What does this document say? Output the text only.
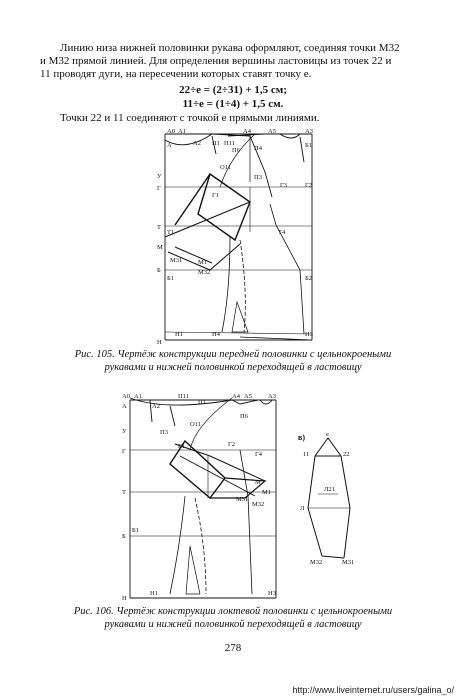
Линию низа нижней половинки рукава оформляют, соединяя точки М32
и М32 прямой линией. Для определения вершины ластовицы из точек 22 и
11 проводят дуги, на пересечении которых ставят точку е.
22÷е = (2÷31) + 1,5 см;
11÷е = (1÷4) + 1,5 см.
Точки 22 и 11 соединяют с точкой е прямыми линиями.
А0 А1
А	А2
А4	А5	А3
П11
П1
П6 П4
П3
Б1
У
Г
Г1
Г3	Г2
О11
Т
Т1	Т4
М
М31 М1
М32
Б
Б1	Б2
Н
Н1	Н4	Н3
Рис. 105. Чертёж конструкции передней половинки с цельнокроеными
рукавами и нижней половинкой переходящей в ластовицу
А0 А1
А	А2
А4 А5 А3
П11
П1
П3
П6
У
Г
Г1	Г2
Г4
О11
Т
М
М1
М31
М32
Б
Б1
Н
Н1	Н3
в)
11	22
е
Л
Л21
М32	М31
Рис. 106. Чертёж конструкции локтевой половинки с цельнокроеными
рукавами и нижней половинкой переходящей в ластовицу
278
http://www.liveinternet.ru/users/galina_o/
